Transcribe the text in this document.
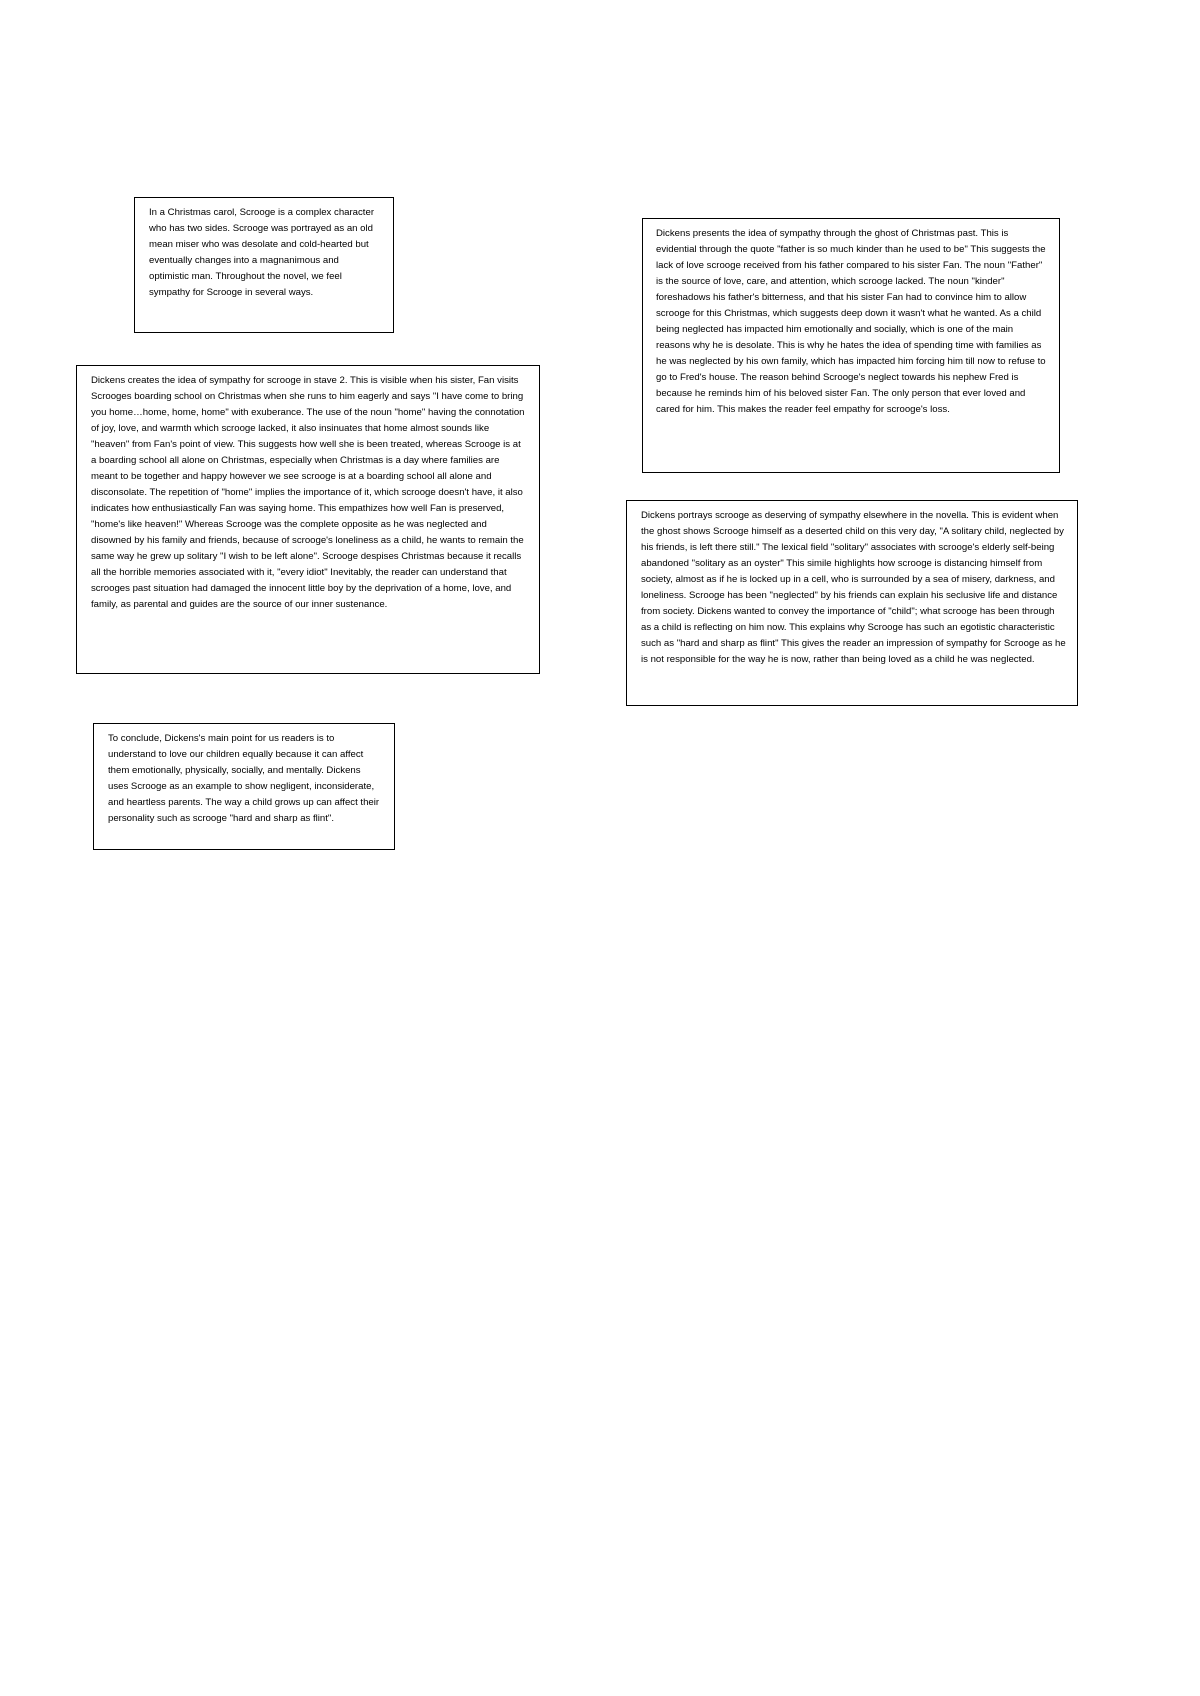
In a Christmas carol, Scrooge is a complex character who has two sides. Scrooge was portrayed as an old mean miser who was desolate and cold-hearted but eventually changes into a magnanimous and optimistic man. Throughout the novel, we feel sympathy for Scrooge in several ways.

Dickens creates the idea of sympathy for scrooge in stave 2. This is visible when his sister, Fan visits Scrooges boarding school on Christmas when she runs to him eagerly and says "I have come to bring you home…home, home, home" with exuberance. The use of the noun "home" having the connotation of joy, love, and warmth which scrooge lacked, it also insinuates that home almost sounds like "heaven" from Fan's point of view. This suggests how well she is been treated, whereas Scrooge is at a boarding school all alone on Christmas, especially when Christmas is a day where families are meant to be together and happy however we see scrooge is at a boarding school all alone and disconsolate. The repetition of "home" implies the importance of it, which scrooge doesn't have, it also indicates how enthusiastically Fan was saying home. This empathizes how well Fan is preserved, "home's like heaven!" Whereas Scrooge was the complete opposite as he was neglected and disowned by his family and friends, because of scrooge's loneliness as a child, he wants to remain the same way he grew up solitary "I wish to be left alone". Scrooge despises Christmas because it recalls all the horrible memories associated with it, "every idiot" Inevitably, the reader can understand that scrooges past situation had damaged the innocent little boy by the deprivation of a home, love, and family, as parental and guides are the source of our inner sustenance.

Dickens presents the idea of sympathy through the ghost of Christmas past. This is evidential through the quote "father is so much kinder than he used to be" This suggests the lack of love scrooge received from his father compared to his sister Fan. The noun "Father" is the source of love, care, and attention, which scrooge lacked. The noun "kinder" foreshadows his father's bitterness, and that his sister Fan had to convince him to allow scrooge for this Christmas, which suggests deep down it wasn't what he wanted. As a child being neglected has impacted him emotionally and socially, which is one of the main reasons why he is desolate. This is why he hates the idea of spending time with families as he was neglected by his own family, which has impacted him forcing him till now to refuse to go to Fred's house. The reason behind Scrooge's neglect towards his nephew Fred is because he reminds him of his beloved sister Fan. The only person that ever loved and cared for him. This makes the reader feel empathy for scrooge's loss.

Dickens portrays scrooge as deserving of sympathy elsewhere in the novella. This is evident when the ghost shows Scrooge himself as a deserted child on this very day, "A solitary child, neglected by his friends, is left there still." The lexical field "solitary" associates with scrooge's elderly self-being abandoned "solitary as an oyster" This simile highlights how scrooge is distancing himself from society, almost as if he is locked up in a cell, who is surrounded by a sea of misery, darkness, and loneliness. Scrooge has been "neglected" by his friends can explain his seclusive life and distance from society. Dickens wanted to convey the importance of "child"; what scrooge has been through as a child is reflecting on him now. This explains why Scrooge has such an egotistic characteristic such as "hard and sharp as flint" This gives the reader an impression of sympathy for Scrooge as he is not responsible for the way he is now, rather than being loved as a child he was neglected.

To conclude, Dickens's main point for us readers is to understand to love our children equally because it can affect them emotionally, physically, socially, and mentally. Dickens uses Scrooge as an example to show negligent, inconsiderate, and heartless parents. The way a child grows up can affect their personality such as scrooge "hard and sharp as flint".
